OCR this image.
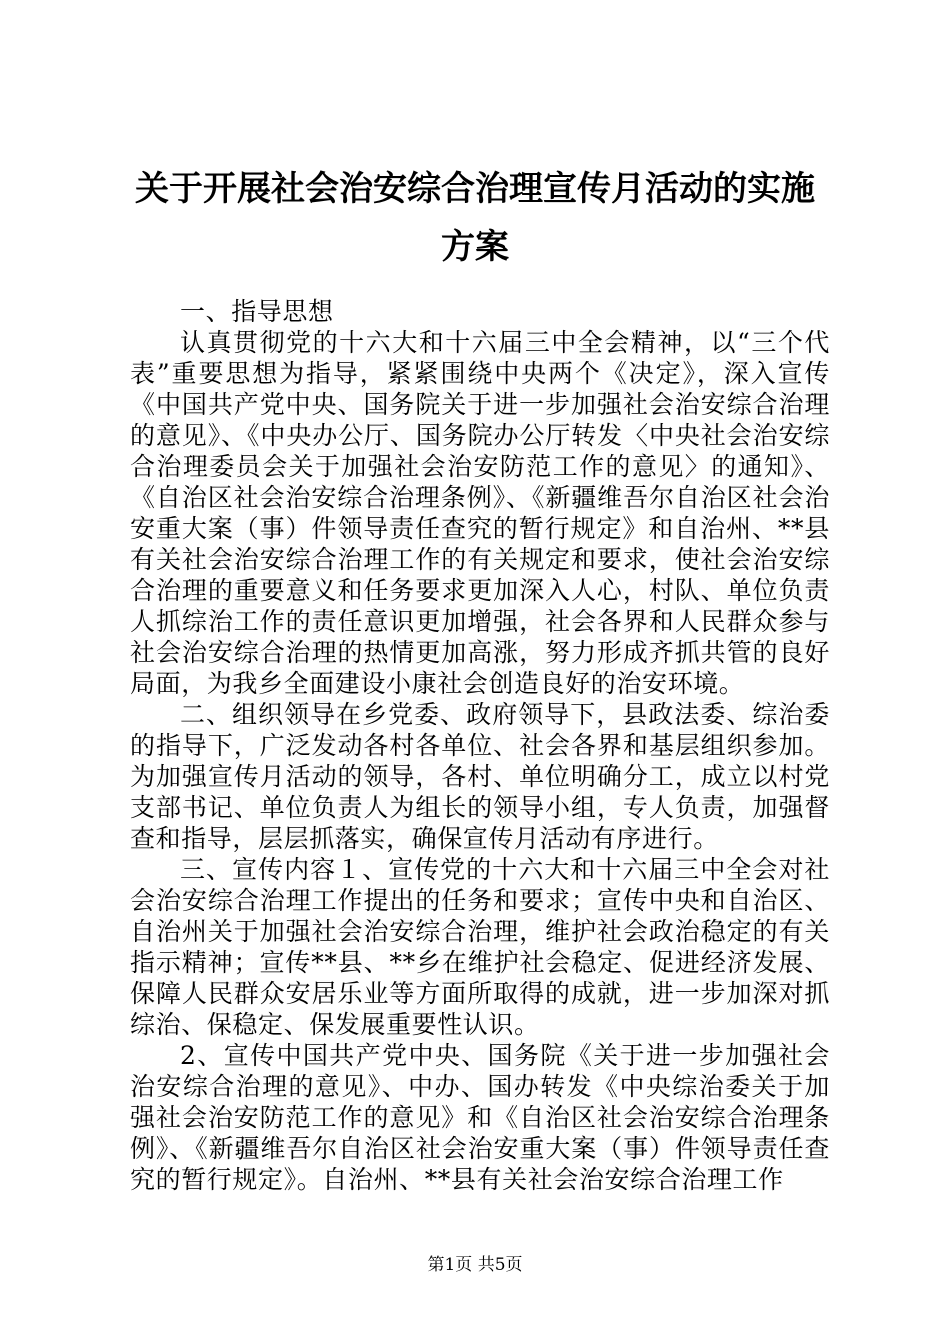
关于开展社会治安综合治理宣传月活动的实施方案

一、指导思想

认真贯彻党的十六大和十六届三中全会精神，以“三个代表”重要思想为指导，紧紧围绕中央两个《决定》，深入宣传《中国共产党中央、国务院关于进一步加强社会治安综合治理的意见》、《中央办公厅、国务院办公厅转发〈中央社会治安综合治理委员会关于加强社会治安防范工作的意见〉的通知》、《自治区社会治安综合治理条例》、《新疆维吾尔自治区社会治安重大案（事）件领导责任查究的暂行规定》和自治州、**县有关社会治安综合治理工作的有关规定和要求，使社会治安综合治理的重要意义和任务要求更加深入人心，村队、单位负责人抓综治工作的责任意识更加增强，社会各界和人民群众参与社会治安综合治理的热情更加高涨，努力形成齐抓共管的良好局面，为我乡全面建设小康社会创造良好的治安环境。

二、组织领导在乡党委、政府领导下，县政法委、综治委的指导下，广泛发动各村各单位、社会各界和基层组织参加。为加强宣传月活动的领导，各村、单位明确分工，成立以村党支部书记、单位负责人为组长的领导小组，专人负责，加强督查和指导，层层抓落实，确保宣传月活动有序进行。

三、宣传内容１、宣传党的十六大和十六届三中全会对社会治安综合治理工作提出的任务和要求；宣传中央和自治区、自治州关于加强社会治安综合治理，维护社会政治稳定的有关指示精神；宣传**县、**乡在维护社会稳定、促进经济发展、保障人民群众安居乐业等方面所取得的成就，进一步加深对抓综治、保稳定、保发展重要性认识。

2、宣传中国共产党中央、国务院《关于进一步加强社会治安综合治理的意见》、中办、国办转发《中央综治委关于加强社会治安防范工作的意见》和《自治区社会治安综合治理条例》、《新疆维吾尔自治区社会治安重大案（事）件领导责任查究的暂行规定》。自治州、**县有关社会治安综合治理工作

第1页 共5页
